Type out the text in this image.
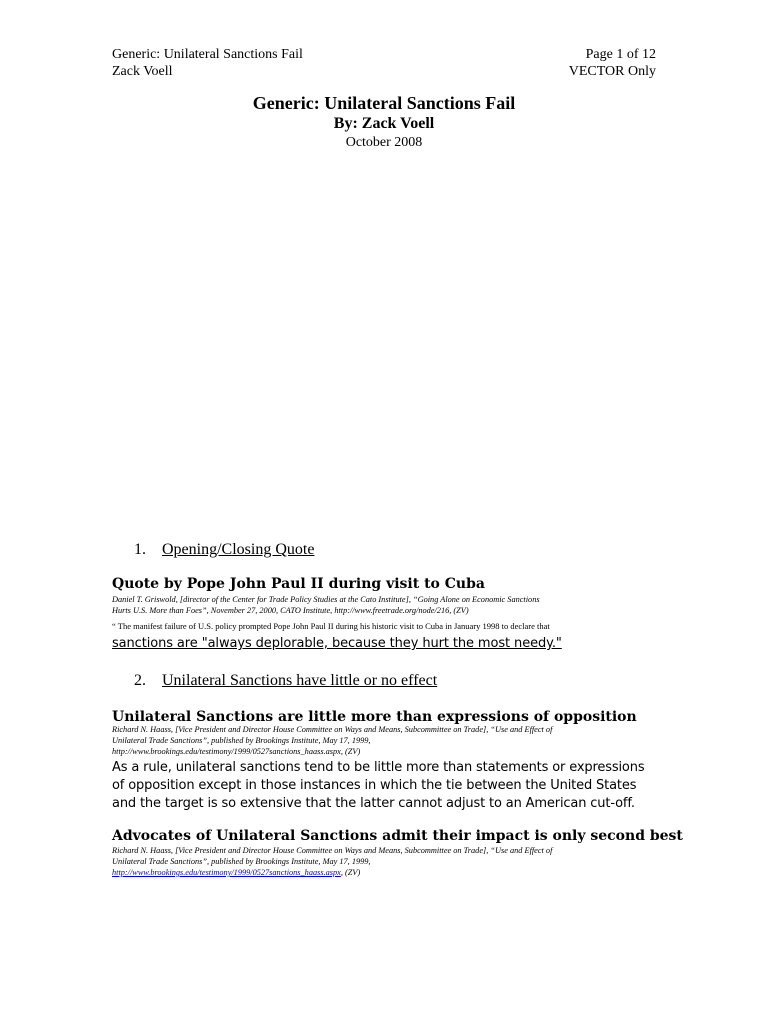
Generic: Unilateral Sanctions Fail	Page 1 of 12
Zack Voell	VECTOR Only
Generic: Unilateral Sanctions Fail
By: Zack Voell
October 2008
1. Opening/Closing Quote
Quote by Pope John Paul II during visit to Cuba
Daniel T. Griswold, [director of the Center for Trade Policy Studies at the Cato Institute], “Going Alone on Economic Sanctions
Hurts U.S. More than Foes”, November 27, 2000, CATO Institute, http://www.freetrade.org/node/216, (ZV)
“ The manifest failure of U.S. policy prompted Pope John Paul II during his historic visit to Cuba in January 1998 to declare that
sanctions are "always deplorable, because they hurt the most needy."
2. Unilateral Sanctions have little or no effect
Unilateral Sanctions are little more than expressions of opposition
Richard N. Haass, [Vice President and Director House Committee on Ways and Means, Subcommittee on Trade], “Use and Effect of
Unilateral Trade Sanctions”, published by Brookings Institute, May 17, 1999,
http://www.brookings.edu/testimony/1999/0527sanctions_haass.aspx, (ZV)
As a rule, unilateral sanctions tend to be little more than statements or expressions of opposition except in those instances in which the tie between the United States and the target is so extensive that the latter cannot adjust to an American cut-off.
Advocates of Unilateral Sanctions admit their impact is only second best
Richard N. Haass, [Vice President and Director House Committee on Ways and Means, Subcommittee on Trade], “Use and Effect of
Unilateral Trade Sanctions”, published by Brookings Institute, May 17, 1999,
http://www.brookings.edu/testimony/1999/0527sanctions_haass.aspx, (ZV)
